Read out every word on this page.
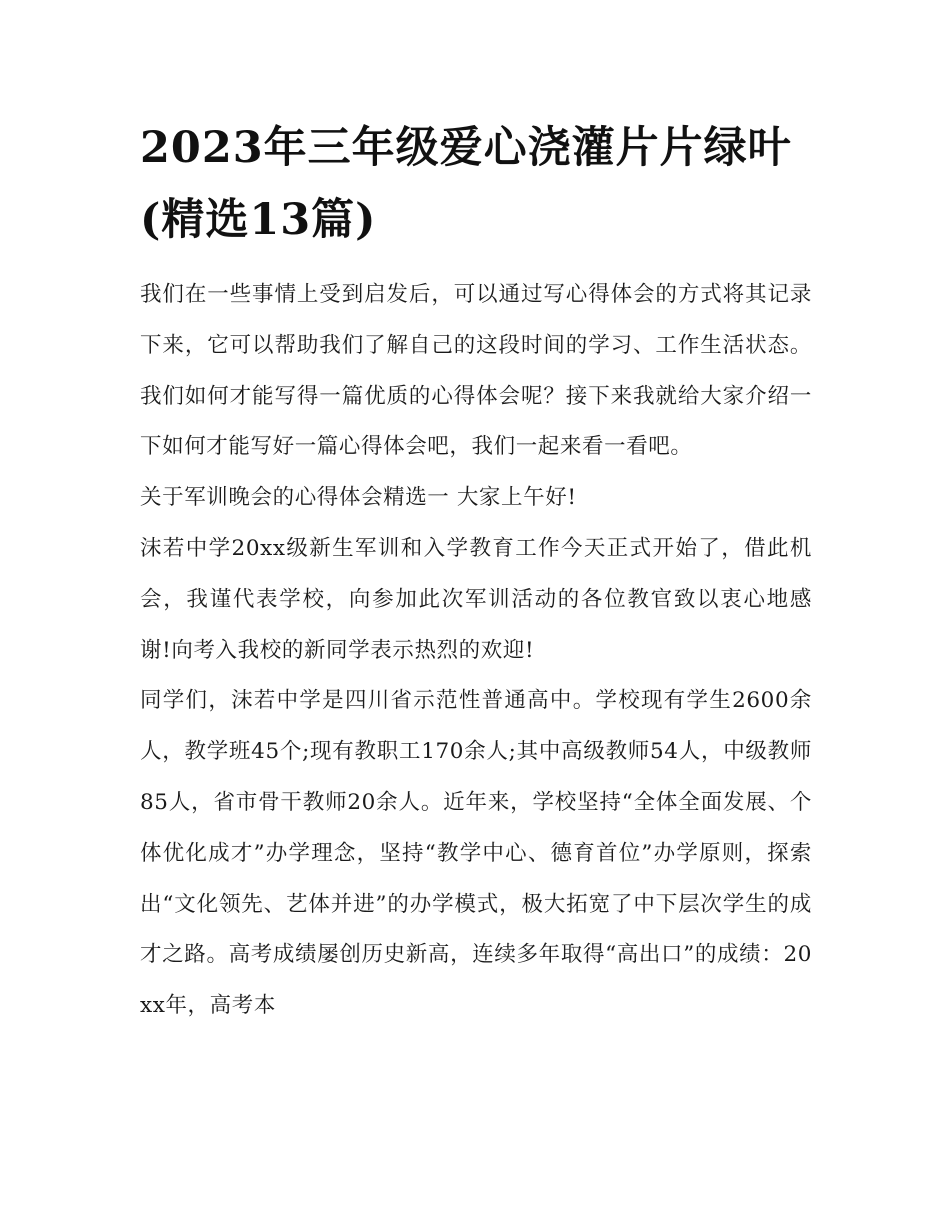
2023年三年级爱心浇灌片片绿叶(精选13篇)

我们在一些事情上受到启发后，可以通过写心得体会的方式将其记录下来，它可以帮助我们了解自己的这段时间的学习、工作生活状态。我们如何才能写得一篇优质的心得体会呢？接下来我就给大家介绍一下如何才能写好一篇心得体会吧，我们一起来看一看吧。

关于军训晚会的心得体会精选一 大家上午好!

沫若中学20xx级新生军训和入学教育工作今天正式开始了，借此机会，我谨代表学校，向参加此次军训活动的各位教官致以衷心地感谢!向考入我校的新同学表示热烈的欢迎!

同学们，沫若中学是四川省示范性普通高中。学校现有学生2600余人，教学班45个;现有教职工170余人;其中高级教师54人，中级教师85人，省市骨干教师20余人。近年来，学校坚持“全体全面发展、个体优化成才”办学理念，坚持“教学中心、德育首位”办学原则，探索出“文化领先、艺体并进”的办学模式，极大拓宽了中下层次学生的成才之路。高考成绩屡创历史新高，连续多年取得“高出口”的成绩：20xx年，高考本
